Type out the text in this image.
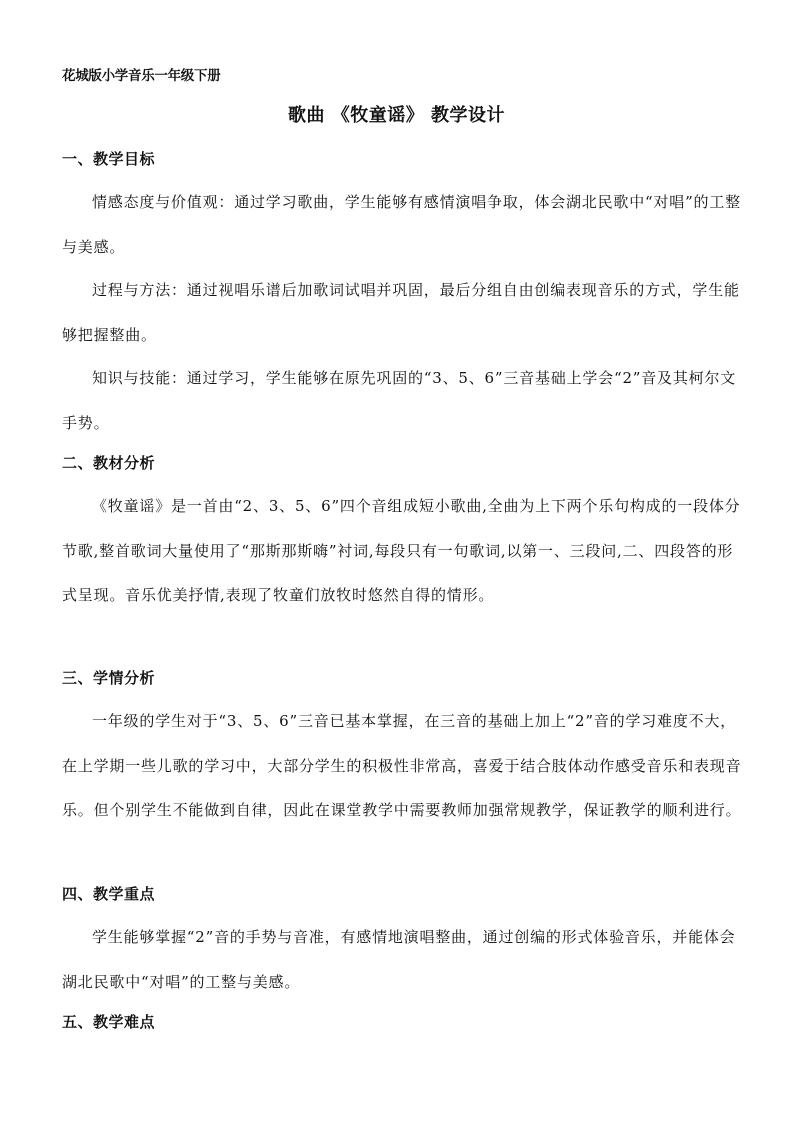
花城版小学音乐一年级下册
歌曲 《牧童谣》 教学设计
一、教学目标

情感态度与价值观：通过学习歌曲，学生能够有感情演唱争取，体会湖北民歌中“对唱”的工整与美感。

过程与方法：通过视唱乐谱后加歌词试唱并巩固，最后分组自由创编表现音乐的方式，学生能够把握整曲。

知识与技能：通过学习，学生能够在原先巩固的“3、5、6”三音基础上学会“2”音及其柯尔文手势。

二、教材分析

《牧童谣》是一首由“2、3、5、6”四个音组成短小歌曲,全曲为上下两个乐句构成的一段体分节歌,整首歌词大量使用了“那斯那斯嗨”衬词,每段只有一句歌词,以第一、三段问,二、四段答的形式呈现。音乐优美抒情,表现了牧童们放牧时悠然自得的情形。

三、学情分析

一年级的学生对于“3、5、6”三音已基本掌握，在三音的基础上加上“2”音的学习难度不大，在上学期一些儿歌的学习中，大部分学生的积极性非常高，喜爱于结合肢体动作感受音乐和表现音乐。但个别学生不能做到自律，因此在课堂教学中需要教师加强常规教学，保证教学的顺利进行。

四、教学重点

学生能够掌握“2”音的手势与音准，有感情地演唱整曲，通过创编的形式体验音乐，并能体会湖北民歌中“对唱”的工整与美感。

五、教学难点
